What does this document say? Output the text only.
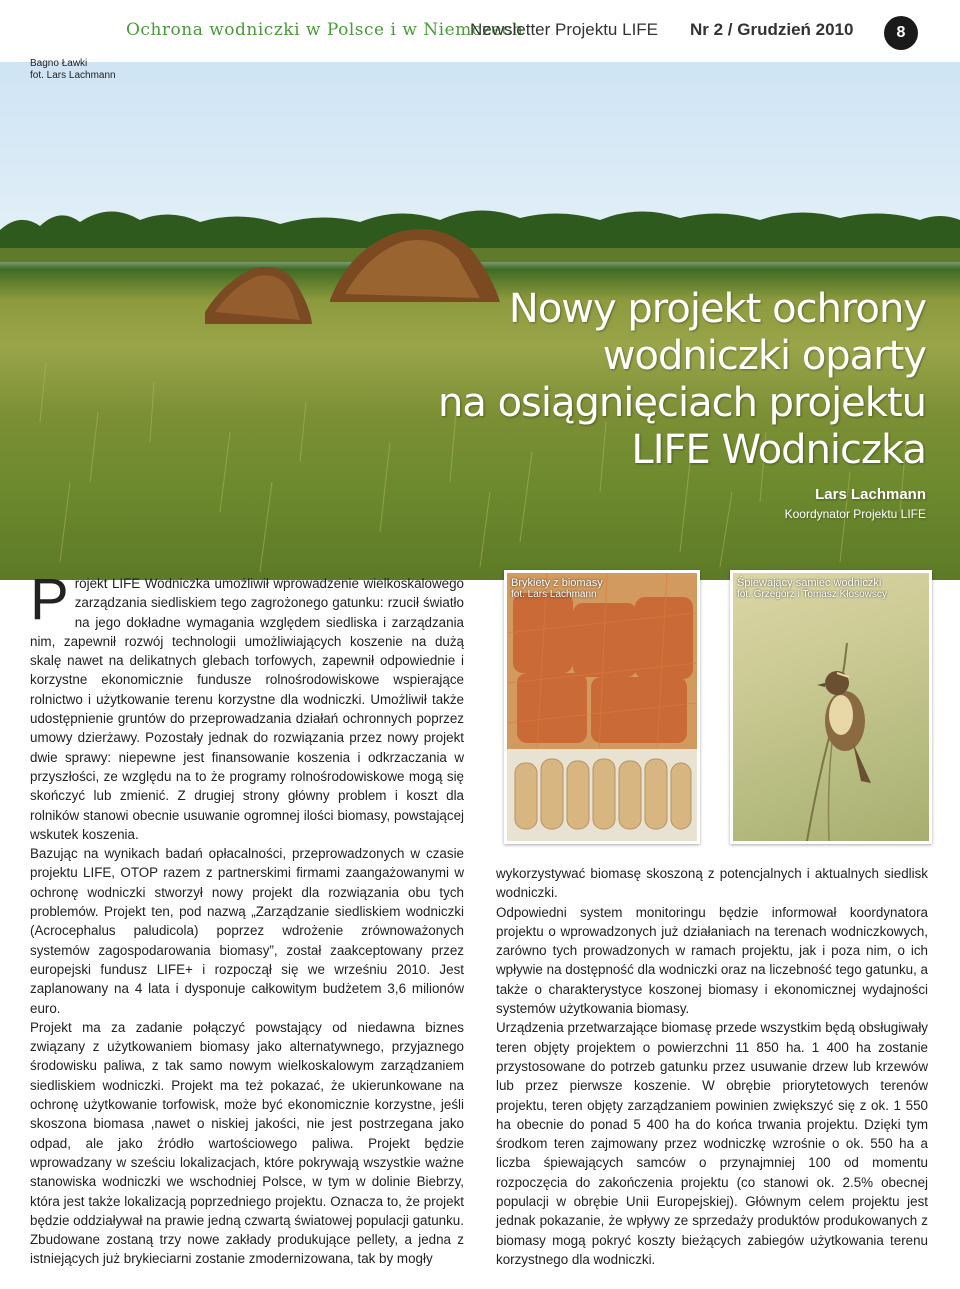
Ochrona wodniczki w Polsce i w Niemczech
Newsletter Projektu LIFE Nr 2 / Grudzień 2010	8
Bagno Ławki
fot. Lars Lachmann
Nowy projekt ochrony
wodniczki oparty
na osiągnięciach projektu
LIFE Wodniczka
Lars Lachmann
Koordynator Projektu LIFE

Projekt LIFE Wodniczka umożliwił wprowadzenie wielkoskalowego zarządzania siedliskiem tego zagrożonego gatunku: rzucił światło na jego dokładne wymagania względem siedliska i zarządzania nim, zapewnił rozwój technologii umożliwiających koszenie na dużą skalę nawet na delikatnych glebach torfowych, zapewnił odpowiednie i korzystne ekonomicznie fundusze rolnośrodowiskowe wspierające rolnictwo i użytkowanie terenu korzystne dla wodniczki. Umożliwił także udostępnienie gruntów do przeprowadzania działań ochronnych poprzez umowy dzierżawy. Pozostały jednak do rozwiązania przez nowy projekt dwie sprawy: niepewne jest finansowanie koszenia i odkrzaczania w przyszłości, ze względu na to że programy rolnośrodowiskowe mogą się skończyć lub zmienić. Z drugiej strony główny problem i koszt dla rolników stanowi obecnie usuwanie ogromnej ilości biomasy, powstającej wskutek koszenia.

Bazując na wynikach badań opłacalności, przeprowadzonych w czasie projektu LIFE, OTOP razem z partnerskimi firmami zaangażowanymi w ochronę wodniczki stworzył nowy projekt dla rozwiązania obu tych problemów. Projekt ten, pod nazwą „Zarządzanie siedliskiem wodniczki (Acrocephalus paludicola) poprzez wdrożenie zrównoważonych systemów zagospodarowania biomasy”, został zaakceptowany przez europejski fundusz LIFE+ i rozpoczął się we wrześniu 2010. Jest zaplanowany na 4 lata i dysponuje całkowitym budżetem 3,6 milionów euro.

Projekt ma za zadanie połączyć powstający od niedawna biznes związany z użytkowaniem biomasy jako alternatywnego, przyjaznego środowisku paliwa, z tak samo nowym wielkoskalowym zarządzaniem siedliskiem wodniczki. Projekt ma też pokazać, że ukierunkowane na ochronę użytkowanie torfowisk, może być ekonomicznie korzystne, jeśli skoszona biomasa ,nawet o niskiej jakości, nie jest postrzegana jako odpad, ale jako źródło wartościowego paliwa. Projekt będzie wprowadzany w sześciu lokalizacjach, które pokrywają wszystkie ważne stanowiska wodniczki we wschodniej Polsce, w tym w dolinie Biebrzy, która jest także lokalizacją poprzedniego projektu. Oznacza to, że projekt będzie oddziaływał na prawie jedną czwartą światowej populacji gatunku.

Zbudowane zostaną trzy nowe zakłady produkujące pellety, a jedna z istniejących już brykieciarni zostanie zmodernizowana, tak by mogły

Brykiety z biomasy
fot. Lars Lachmann
Śpiewający samiec wodniczki
fot. Grzegorz i Tomasz Kłosowscy

wykorzystywać biomasę skoszoną z potencjalnych i aktualnych siedlisk wodniczki.

Odpowiedni system monitoringu będzie informował koordynatora projektu o wprowadzonych już działaniach na terenach wodniczkowych, zarówno tych prowadzonych w ramach projektu, jak i poza nim, o ich wpływie na dostępność dla wodniczki oraz na liczebność tego gatunku, a także o charakterystyce koszonej biomasy i ekonomicznej wydajności systemów użytkowania biomasy.

Urządzenia przetwarzające biomasę przede wszystkim będą obsługiwały teren objęty projektem o powierzchni 11 850 ha. 1 400 ha zostanie przystosowane do potrzeb gatunku przez usuwanie drzew lub krzewów lub przez pierwsze koszenie. W obrębie priorytetowych terenów projektu, teren objęty zarządzaniem powinien zwiększyć się z ok. 1 550 ha obecnie do ponad 5 400 ha do końca trwania projektu. Dzięki tym środkom teren zajmowany przez wodniczkę wzrośnie o ok. 550 ha a liczba śpiewających samców o przynajmniej 100 od momentu rozpoczęcia do zakończenia projektu (co stanowi ok. 2.5% obecnej populacji w obrębie Unii Europejskiej). Głównym celem projektu jest jednak pokazanie, że wpływy ze sprzedaży produktów produkowanych z biomasy mogą pokryć koszty bieżących zabiegów użytkowania terenu korzystnego dla wodniczki.
